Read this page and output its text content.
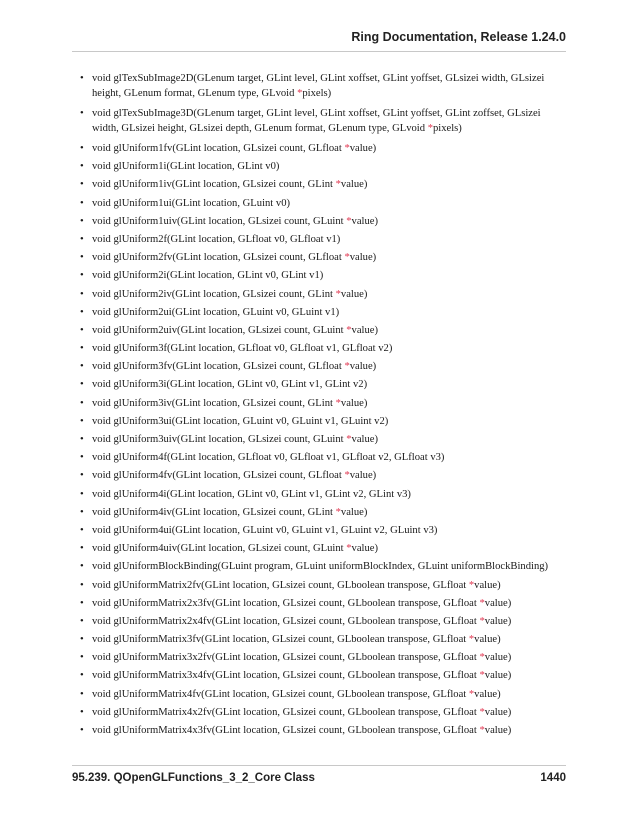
Ring Documentation, Release 1.24.0
• void glTexSubImage2D(GLenum target, GLint level, GLint xoffset, GLint yoffset, GLsizei width, GLsizei height, GLenum format, GLenum type, GLvoid *pixels)
• void glTexSubImage3D(GLenum target, GLint level, GLint xoffset, GLint yoffset, GLint zoffset, GLsizei width, GLsizei height, GLsizei depth, GLenum format, GLenum type, GLvoid *pixels)
• void glUniform1fv(GLint location, GLsizei count, GLfloat *value)
• void glUniform1i(GLint location, GLint v0)
• void glUniform1iv(GLint location, GLsizei count, GLint *value)
• void glUniform1ui(GLint location, GLuint v0)
• void glUniform1uiv(GLint location, GLsizei count, GLuint *value)
• void glUniform2f(GLint location, GLfloat v0, GLfloat v1)
• void glUniform2fv(GLint location, GLsizei count, GLfloat *value)
• void glUniform2i(GLint location, GLint v0, GLint v1)
• void glUniform2iv(GLint location, GLsizei count, GLint *value)
• void glUniform2ui(GLint location, GLuint v0, GLuint v1)
• void glUniform2uiv(GLint location, GLsizei count, GLuint *value)
• void glUniform3f(GLint location, GLfloat v0, GLfloat v1, GLfloat v2)
• void glUniform3fv(GLint location, GLsizei count, GLfloat *value)
• void glUniform3i(GLint location, GLint v0, GLint v1, GLint v2)
• void glUniform3iv(GLint location, GLsizei count, GLint *value)
• void glUniform3ui(GLint location, GLuint v0, GLuint v1, GLuint v2)
• void glUniform3uiv(GLint location, GLsizei count, GLuint *value)
• void glUniform4f(GLint location, GLfloat v0, GLfloat v1, GLfloat v2, GLfloat v3)
• void glUniform4fv(GLint location, GLsizei count, GLfloat *value)
• void glUniform4i(GLint location, GLint v0, GLint v1, GLint v2, GLint v3)
• void glUniform4iv(GLint location, GLsizei count, GLint *value)
• void glUniform4ui(GLint location, GLuint v0, GLuint v1, GLuint v2, GLuint v3)
• void glUniform4uiv(GLint location, GLsizei count, GLuint *value)
• void glUniformBlockBinding(GLuint program, GLuint uniformBlockIndex, GLuint uniformBlockBinding)
• void glUniformMatrix2fv(GLint location, GLsizei count, GLboolean transpose, GLfloat *value)
• void glUniformMatrix2x3fv(GLint location, GLsizei count, GLboolean transpose, GLfloat *value)
• void glUniformMatrix2x4fv(GLint location, GLsizei count, GLboolean transpose, GLfloat *value)
• void glUniformMatrix3fv(GLint location, GLsizei count, GLboolean transpose, GLfloat *value)
• void glUniformMatrix3x2fv(GLint location, GLsizei count, GLboolean transpose, GLfloat *value)
• void glUniformMatrix3x4fv(GLint location, GLsizei count, GLboolean transpose, GLfloat *value)
• void glUniformMatrix4fv(GLint location, GLsizei count, GLboolean transpose, GLfloat *value)
• void glUniformMatrix4x2fv(GLint location, GLsizei count, GLboolean transpose, GLfloat *value)
• void glUniformMatrix4x3fv(GLint location, GLsizei count, GLboolean transpose, GLfloat *value)
95.239. QOpenGLFunctions_3_2_Core Class	1440
